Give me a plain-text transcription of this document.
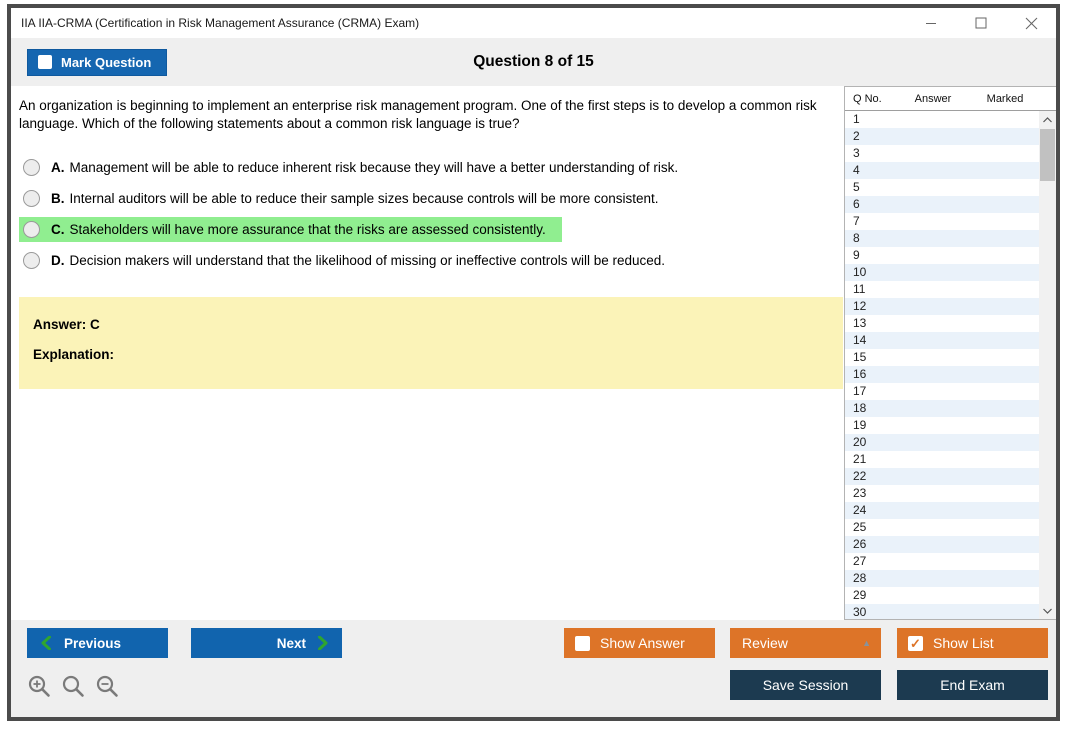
IIA IIA-CRMA (Certification in Risk Management Assurance (CRMA) Exam)
Question 8 of 15
Mark Question

An organization is beginning to implement an enterprise risk management program. One of the first steps is to develop a common risk language. Which of the following statements about a common risk language is true?

A. Management will be able to reduce inherent risk because they will have a better understanding of risk.
B. Internal auditors will be able to reduce their sample sizes because controls will be more consistent.
C. Stakeholders will have more assurance that the risks are assessed consistently.
D. Decision makers will understand that the likelihood of missing or ineffective controls will be reduced.
Answer: C
Explanation:
Q No.	Answer	Marked
1
2
3
4
5
6
7
8
9
10
11
12
13
14
15
16
17
18
19
20
21
22
23
24
25
26
27
28
29
30
Previous	Next	Show Answer	Review	▲	✓ Show List
Save Session	End Exam
